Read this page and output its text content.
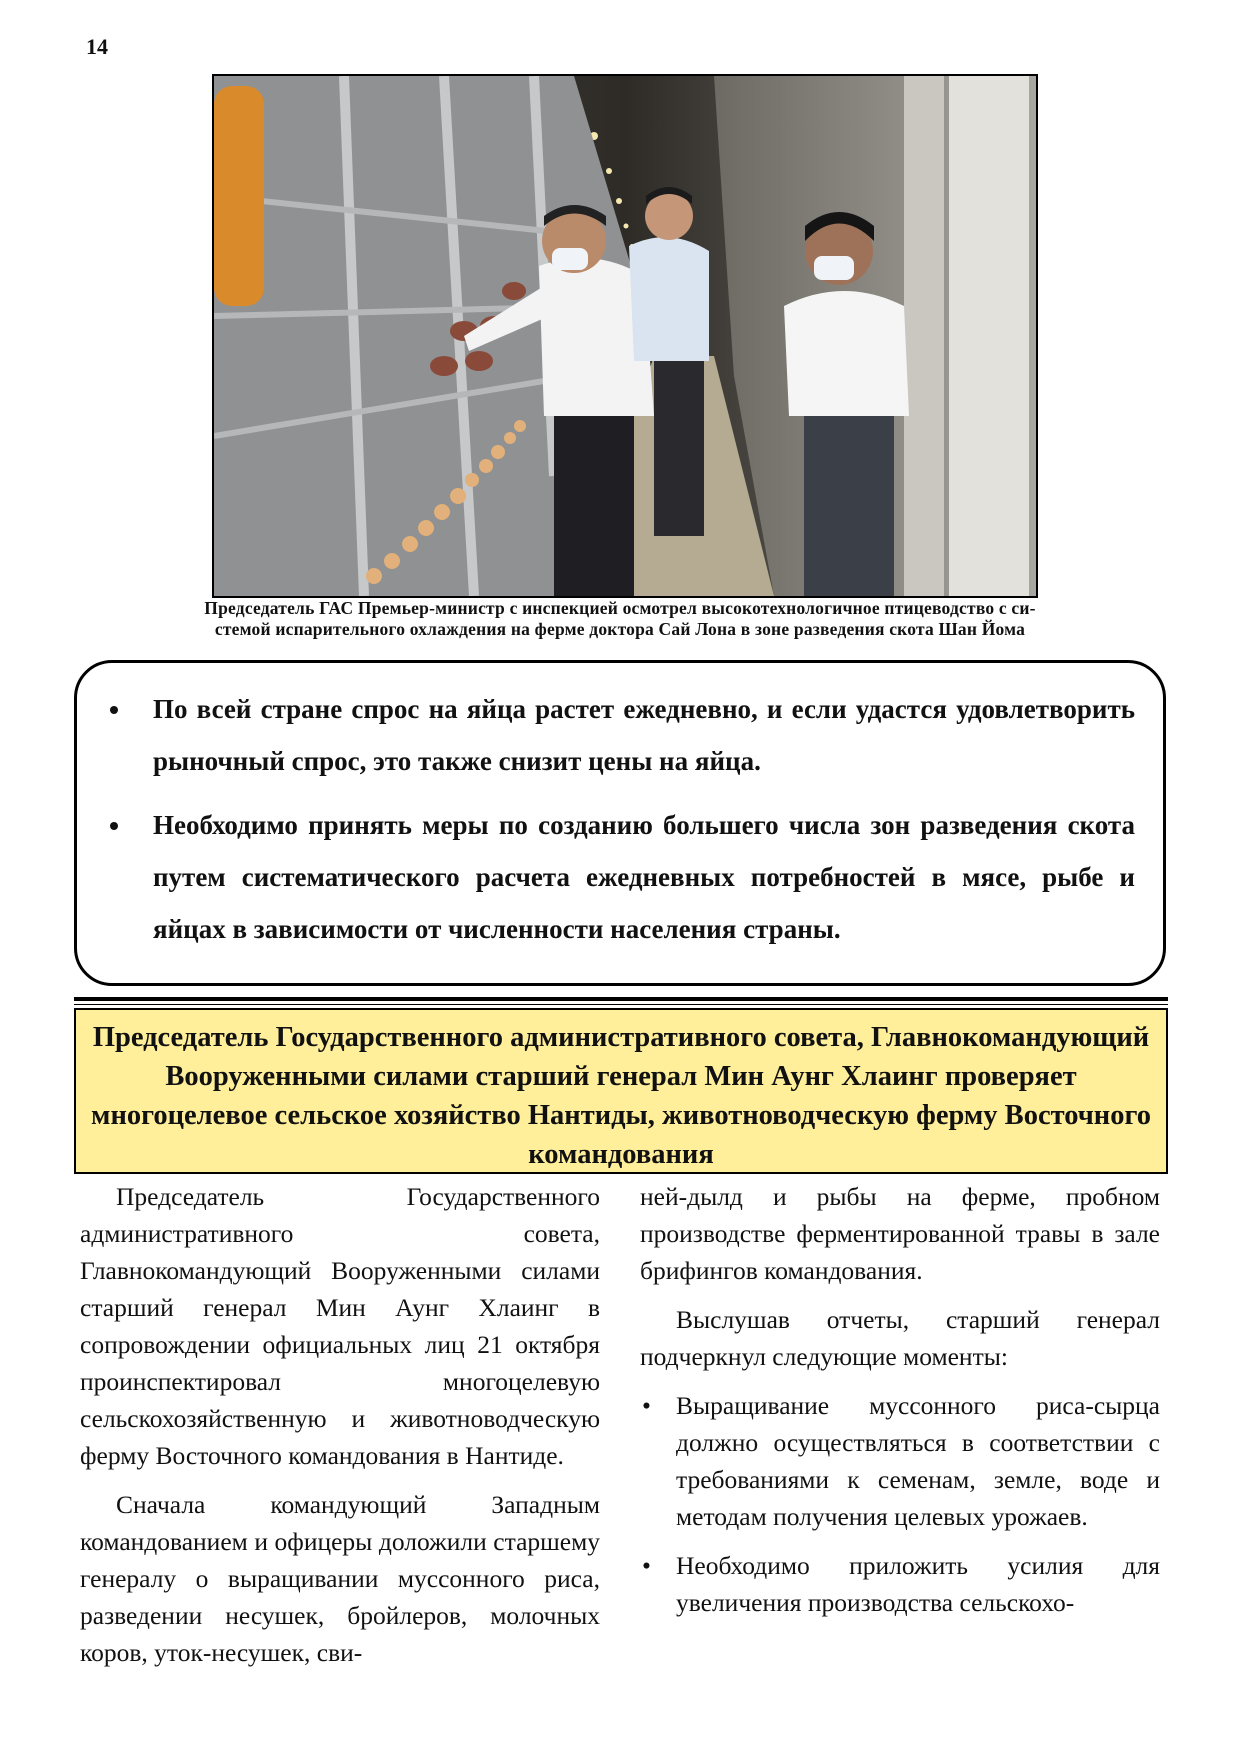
14
Председатель ГАС Премьер-министр с инспекцией осмотрел высокотехнологичное птицеводство с си-
стемой испарительного охлаждения на ферме доктора Сай Лона в зоне разведения скота Шан Йома
• По всей стране спрос на яйца растет ежедневно, и если удастся удовлетворить рыночный спрос, это также снизит цены на яйца.
• Необходимо принять меры по созданию большего числа зон разведения скота путем систематического расчета ежедневных потребностей в мясе, рыбе и яйцах в зависимости от численности населения страны.
Председатель Государственного административного совета, Главнокомандующий Вооруженными силами старший генерал Мин Аунг Хлаинг проверяет многоцелевое сельское хозяйство Нантиды, животноводческую ферму Восточного командования

Председатель Государственного административного совета, Главнокомандующий Вооруженными силами старший генерал Мин Аунг Хлаинг в сопровождении официальных лиц 21 октября проинспектировал многоцелевую сельскохозяйственную и животноводческую ферму Восточного командования в Нантиде.

Сначала командующий Западным командованием и офицеры доложили старшему генералу о выращивании муссонного риса, разведении несушек, бройлеров, молочных коров, уток-несушек, сви-

ней-дылд и рыбы на ферме, пробном производстве ферментированной травы в зале брифингов командования.

Выслушав отчеты, старший генерал подчеркнул следующие моменты:

• Выращивание муссонного риса-сырца должно осуществляться в соответствии с требованиями к семенам, земле, воде и методам получения целевых урожаев.
• Необходимо приложить усилия для увеличения производства сельскохо-
